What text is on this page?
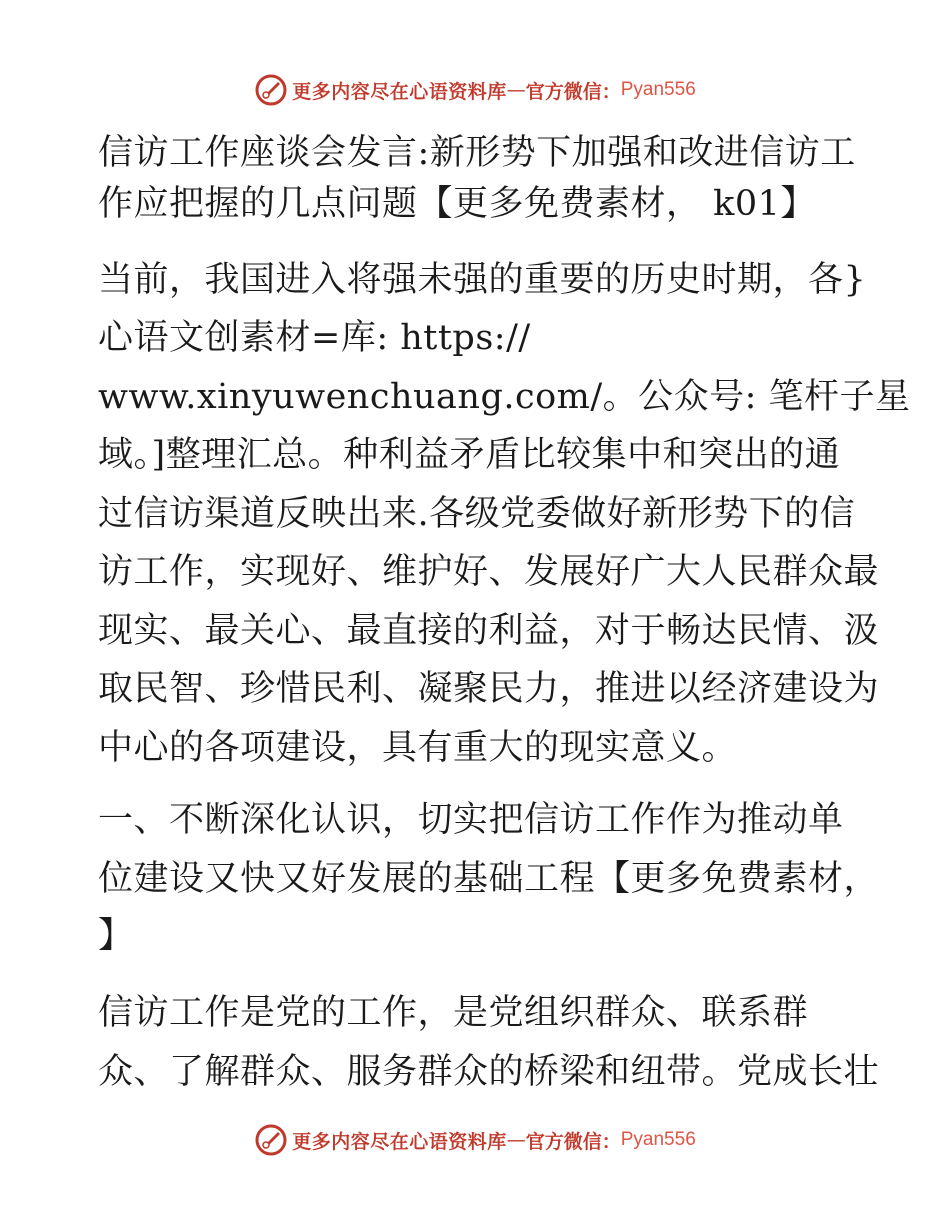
更多内容尽在心语资料库 — 官方微信： Pyan556
信访工作座谈会发言:新形势下加强和改进信访工
作应把握的几点问题【更多免费素材， k01】
当前，我国进入将强未强的重要的历史时期，各}
心语文创素材=库: https://
www.xinyuwenchuang.com/。公众号: 笔杆子星
域。]整理汇总。种利益矛盾比较集中和突出的通
过信访渠道反映出来.各级党委做好新形势下的信
访工作，实现好、维护好、发展好广大人民群众最
现实、最关心、最直接的利益，对于畅达民情、汲
取民智、珍惜民利、凝聚民力，推进以经济建设为
中心的各项建设，具有重大的现实意义。
一、不断深化认识，切实把信访工作作为推动单
位建设又快又好发展的基础工程【更多免费素材，
】
信访工作是党的工作，是党组织群众、联系群
众、了解群众、服务群众的桥梁和纽带。党成长壮
更多内容尽在心语资料库 — 官方微信： Pyan556
